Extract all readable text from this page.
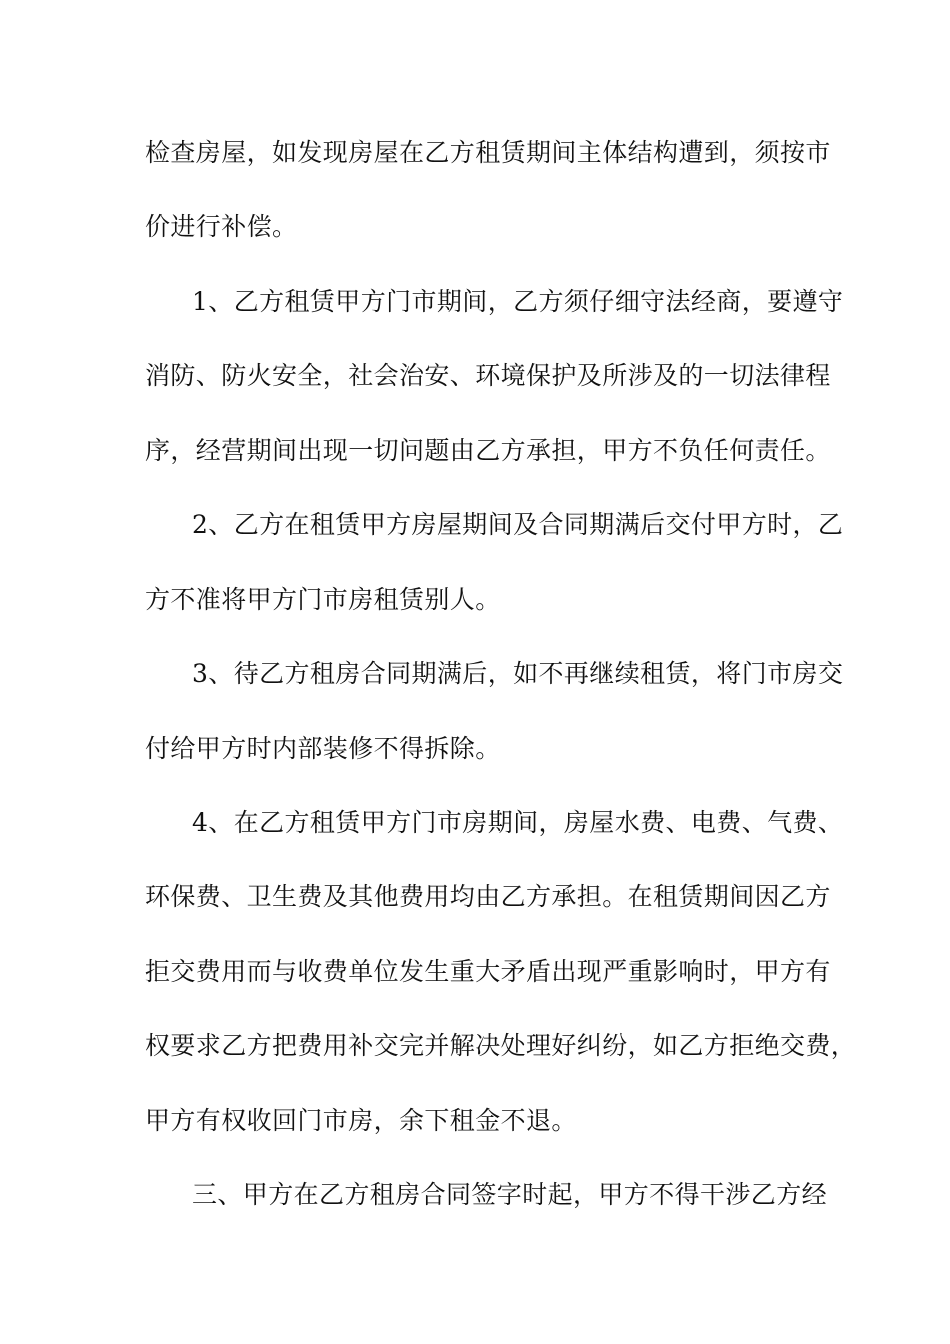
检查房屋，如发现房屋在乙方租赁期间主体结构遭到，须按市
价进行补偿。
1、乙方租赁甲方门市期间，乙方须仔细守法经商，要遵守
消防、防火安全，社会治安、环境保护及所涉及的一切法律程
序，经营期间出现一切问题由乙方承担，甲方不负任何责任。
2、乙方在租赁甲方房屋期间及合同期满后交付甲方时，乙
方不准将甲方门市房租赁别人。
3、待乙方租房合同期满后，如不再继续租赁，将门市房交
付给甲方时内部装修不得拆除。
4、在乙方租赁甲方门市房期间，房屋水费、电费、气费、
环保费、卫生费及其他费用均由乙方承担。在租赁期间因乙方
拒交费用而与收费单位发生重大矛盾出现严重影响时，甲方有
权要求乙方把费用补交完并解决处理好纠纷，如乙方拒绝交费，
甲方有权收回门市房，余下租金不退。
三、甲方在乙方租房合同签字时起，甲方不得干涉乙方经
